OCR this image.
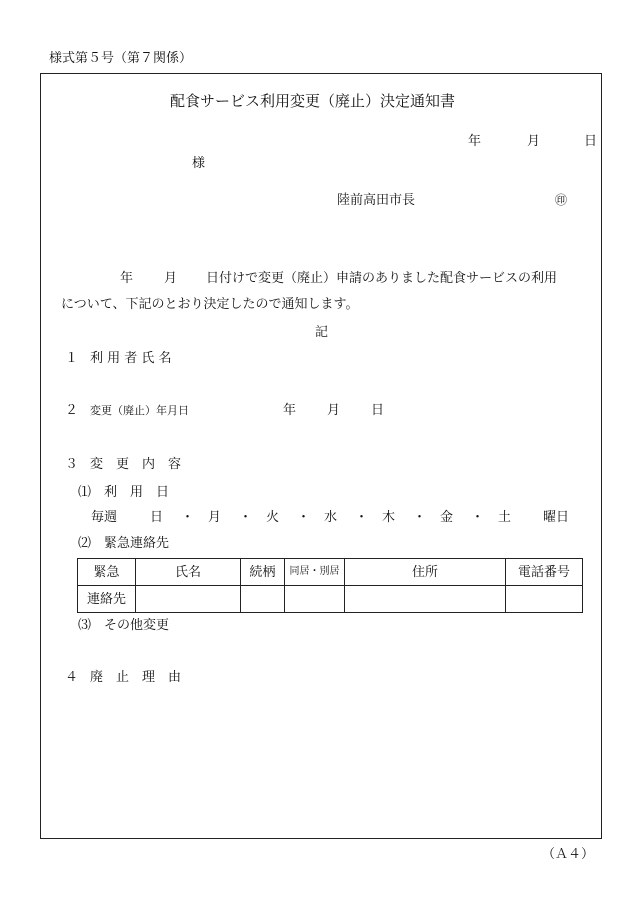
様式第５号（第７関係）
配食サービス利用変更（廃止）決定通知書
年	月	日
様
陸前高田市長	㊞
年 月 日付けで変更（廃止）申請のありました配食サービスの利用
について、下記のとおり決定したので通知します。
記
１ 利 用 者 氏 名
２ 変更（廃止）年月日	年 月 日
３ 変　更　内　容
⑴ 利　用　日
毎週	日 ・ 月 ・ 火 ・ 水 ・ 木 ・ 金 ・ 土 曜日
⑵ 緊急連絡先
緊急	氏名	続柄	同居・別居	住所	電話番号
連絡先					
⑶ その他変更
４ 廃　止　理　由
（Ａ４）
